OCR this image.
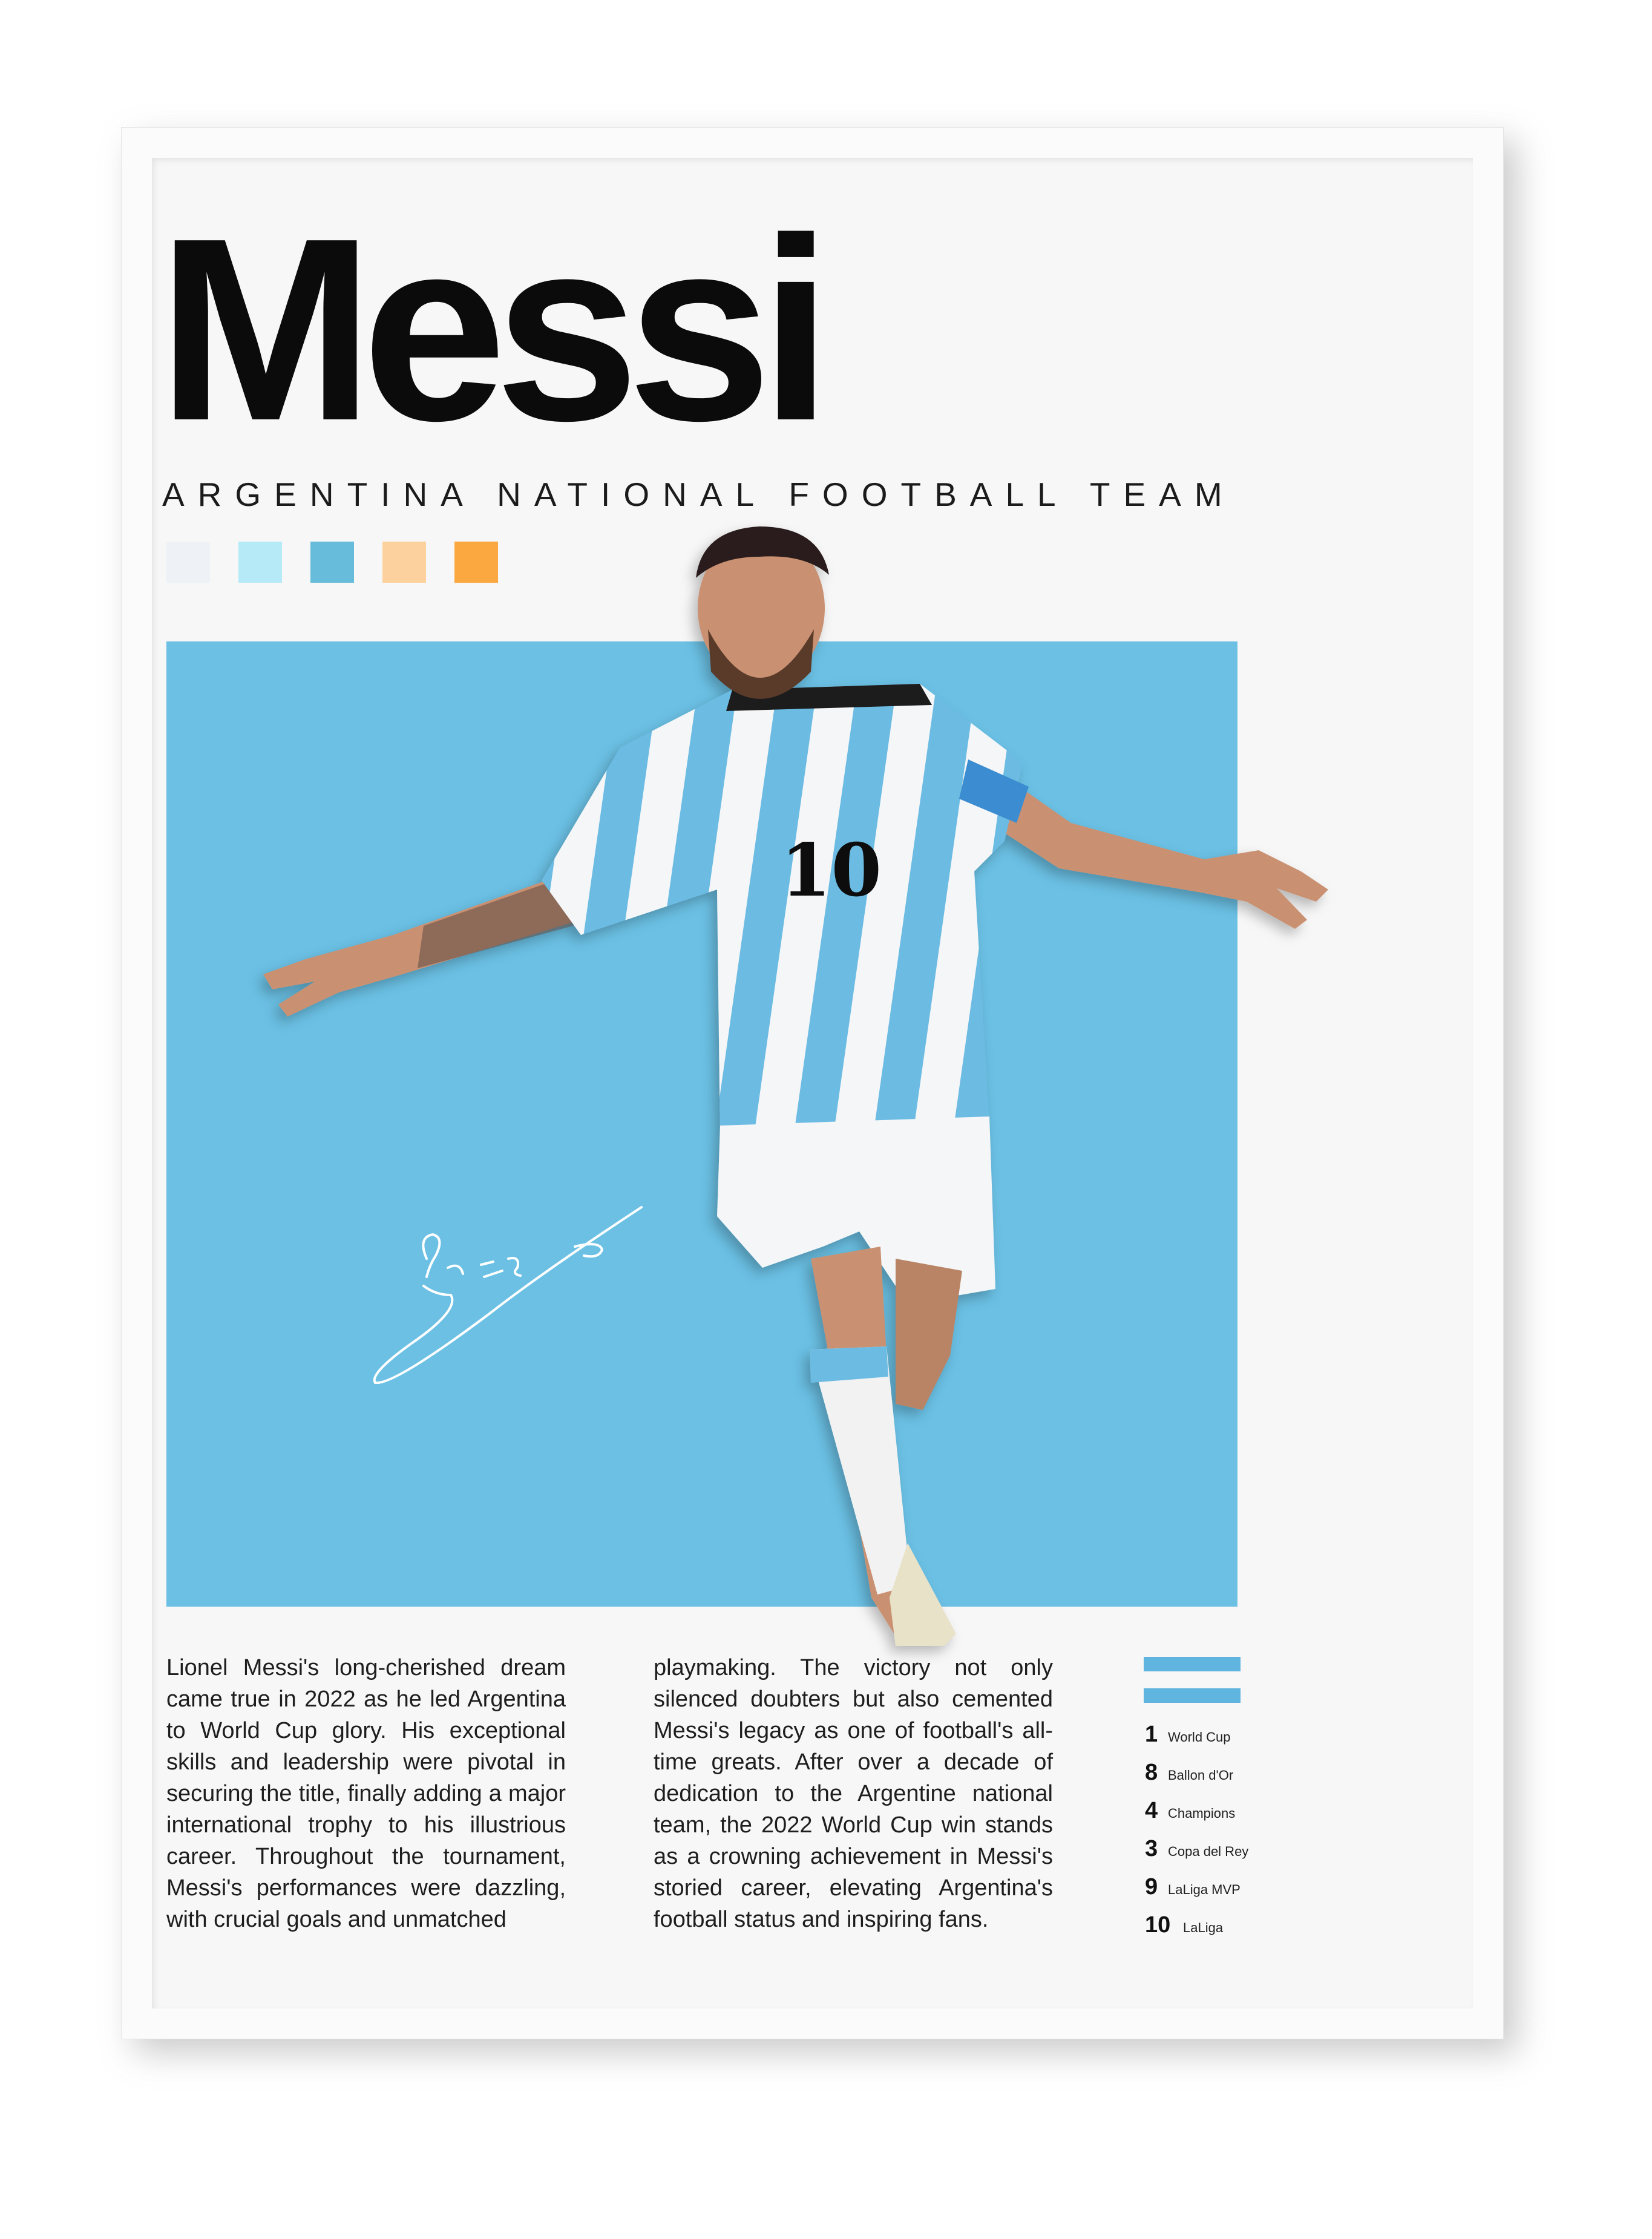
Messi
ARGENTINA NATIONAL FOOTBALL TEAM
10

Lionel Messi's long-cherished dream came true in 2022 as he led Argentina to World Cup glory. His exceptional skills and leadership were pivotal in securing the title, finally adding a major international trophy to his illustrious career. Throughout the tournament, Messi's performances were dazzling, with crucial goals and unmatched

playmaking. The victory not only silenced doubters but also cemented Messi's legacy as one of football's all-time greats. After over a decade of dedication to the Argentine national team, the 2022 World Cup win stands as a crowning achievement in Messi's storied career, elevating Argentina's football status and inspiring fans.

1 World Cup
8 Ballon d'Or
4 Champions
3 Copa del Rey
9 LaLiga MVP
10 LaLiga
